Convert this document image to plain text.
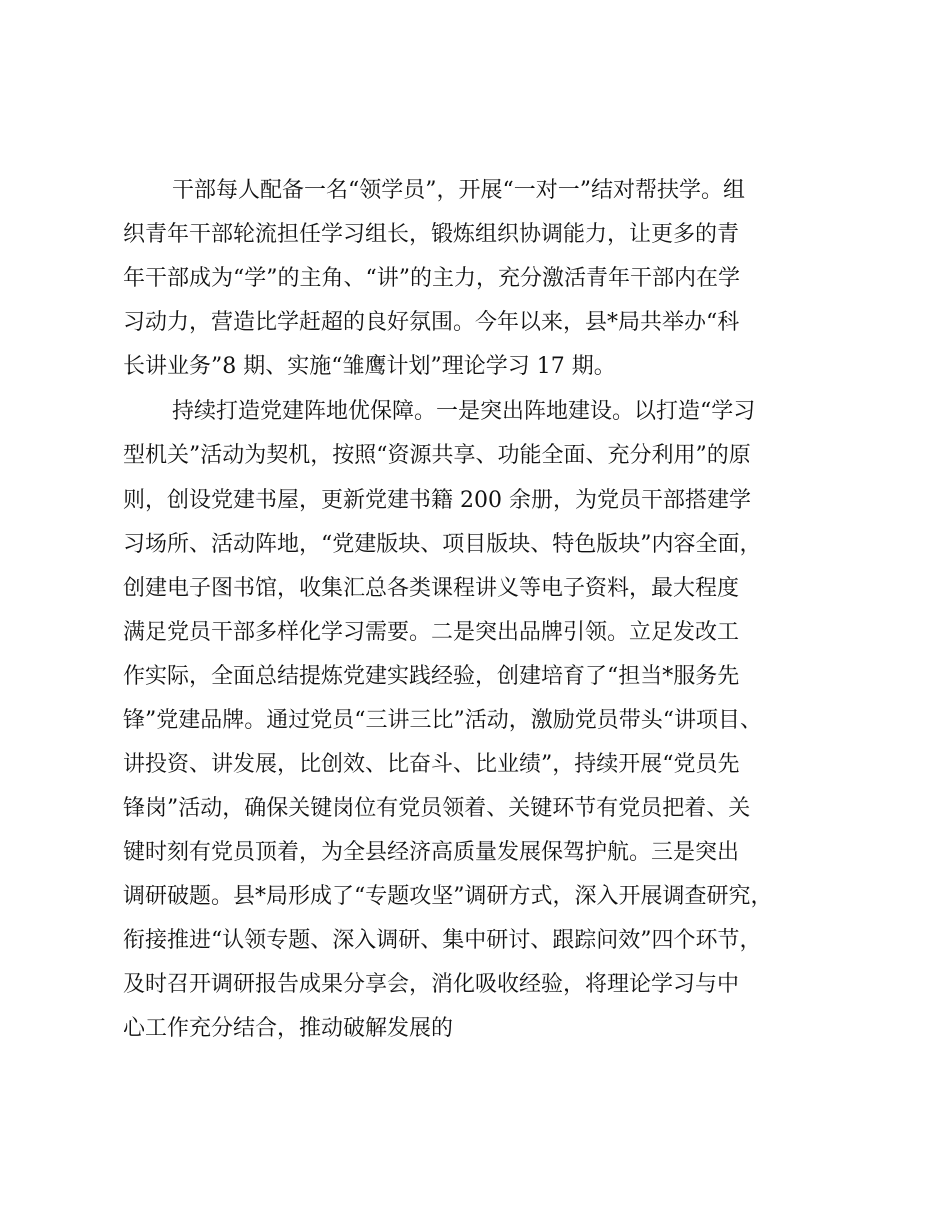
干部每人配备一名“领学员”，开展“一对一”结对帮扶学。组
织青年干部轮流担任学习组长，锻炼组织协调能力，让更多的青
年干部成为“学”的主角、“讲”的主力，充分激活青年干部内在学
习动力，营造比学赶超的良好氛围。今年以来，县*局共举办“科
长讲业务”8 期、实施“雏鹰计划”理论学习 17 期。
持续打造党建阵地优保障。一是突出阵地建设。以打造“学习
型机关”活动为契机，按照“资源共享、功能全面、充分利用”的原
则，创设党建书屋，更新党建书籍 200 余册，为党员干部搭建学
习场所、活动阵地，“党建版块、项目版块、特色版块”内容全面，
创建电子图书馆，收集汇总各类课程讲义等电子资料，最大程度
满足党员干部多样化学习需要。二是突出品牌引领。立足发改工
作实际，全面总结提炼党建实践经验，创建培育了“担当*服务先
锋”党建品牌。通过党员“三讲三比”活动，激励党员带头“讲项目、
讲投资、讲发展，比创效、比奋斗、比业绩”，持续开展“党员先
锋岗”活动，确保关键岗位有党员领着、关键环节有党员把着、关
键时刻有党员顶着，为全县经济高质量发展保驾护航。三是突出
调研破题。县*局形成了“专题攻坚”调研方式，深入开展调查研究，
衔接推进“认领专题、深入调研、集中研讨、跟踪问效”四个环节，
及时召开调研报告成果分享会，消化吸收经验，将理论学习与中
心工作充分结合，推动破解发展的
